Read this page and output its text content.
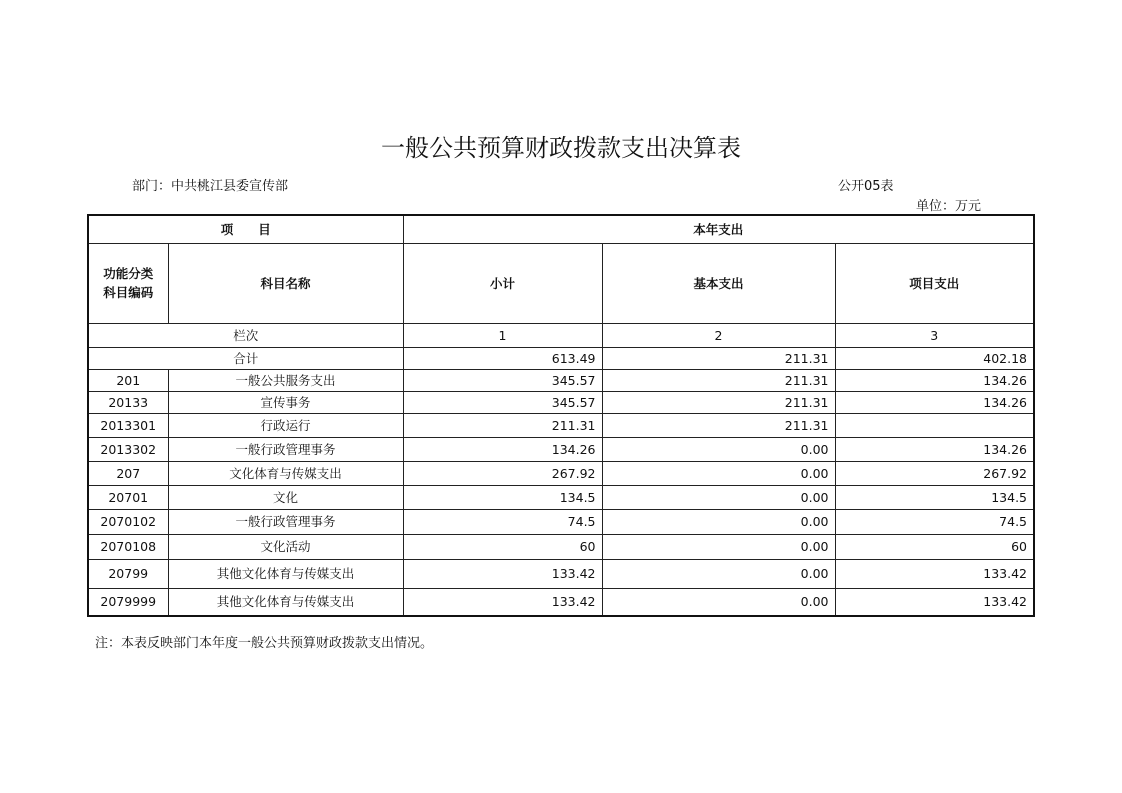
一般公共预算财政拨款支出决算表
部门：中共桃江县委宣传部	公开05表
单位：万元
项　　目		本年支出		
功能分类
科目编码	科目名称	小计	基本支出	项目支出
栏次		1	2	3
合计		613.49	211.31	402.18
201	一般公共服务支出	345.57	211.31	134.26
20133	宣传事务	345.57	211.31	134.26
2013301	行政运行	211.31	211.31	
2013302	一般行政管理事务	134.26	0.00	134.26
207	文化体育与传媒支出	267.92	0.00	267.92
20701	文化	134.5	0.00	134.5
2070102	一般行政管理事务	74.5	0.00	74.5
2070108	文化活动	60	0.00	60
20799	其他文化体育与传媒支出	133.42	0.00	133.42
2079999	其他文化体育与传媒支出	133.42	0.00	133.42
注：本表反映部门本年度一般公共预算财政拨款支出情况。
